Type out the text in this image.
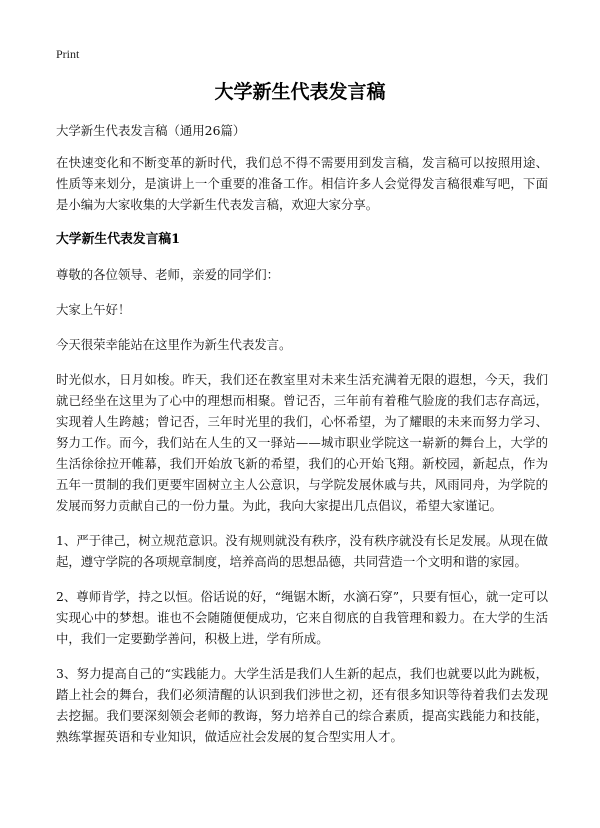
Print
大学新生代表发言稿

大学新生代表发言稿（通用26篇）

在快速变化和不断变革的新时代，我们总不得不需要用到发言稿，发言稿可以按照用途、性质等来划分，是演讲上一个重要的准备工作。相信许多人会觉得发言稿很难写吧，下面是小编为大家收集的大学新生代表发言稿，欢迎大家分享。

大学新生代表发言稿1

尊敬的各位领导、老师，亲爱的同学们：

大家上午好！

今天很荣幸能站在这里作为新生代表发言。

时光似水，日月如梭。昨天，我们还在教室里对未来生活充满着无限的遐想，今天，我们就已经坐在这里为了心中的理想而相聚。曾记否，三年前有着稚气脸庞的我们志存高远，实现着人生跨越；曾记否，三年时光里的我们，心怀希望，为了耀眼的未来而努力学习、努力工作。而今，我们站在人生的又一驿站——城市职业学院这一崭新的舞台上，大学的生活徐徐拉开帷幕，我们开始放飞新的希望，我们的心开始飞翔。新校园，新起点，作为五年一贯制的我们更要牢固树立主人公意识，与学院发展休戚与共，风雨同舟，为学院的发展而努力贡献自己的一份力量。为此，我向大家提出几点倡议，希望大家谨记。

1、严于律己，树立规范意识。没有规则就没有秩序，没有秩序就没有长足发展。从现在做起，遵守学院的各项规章制度，培养高尚的思想品德，共同营造一个文明和谐的家园。

2、尊师肯学，持之以恒。俗话说的好，“绳锯木断，水滴石穿”，只要有恒心，就一定可以实现心中的梦想。谁也不会随随便便成功，它来自彻底的自我管理和毅力。在大学的生活中，我们一定要勤学善问，积极上进，学有所成。

3、努力提高自己的“实践能力。大学生活是我们人生新的起点，我们也就要以此为跳板，踏上社会的舞台，我们必须清醒的认识到我们涉世之初，还有很多知识等待着我们去发现去挖掘。我们要深刻领会老师的教诲，努力培养自己的综合素质，提高实践能力和技能，熟练掌握英语和专业知识，做适应社会发展的复合型实用人才。
